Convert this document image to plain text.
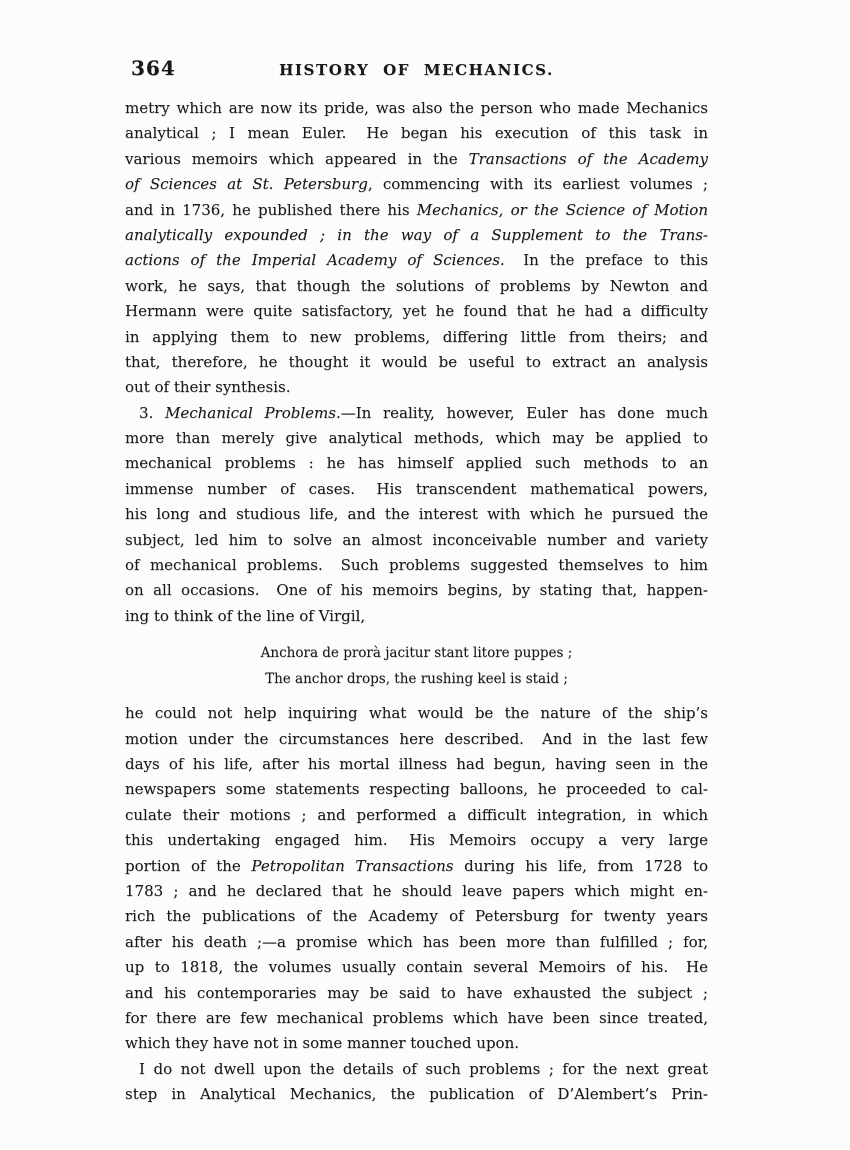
364	HISTORY OF MECHANICS.
metry which are now its pride, was also the person who made Mechanics
analytical ; I mean Euler.  He began his execution of this task in
various memoirs which appeared in the Transactions of the Academy
of Sciences at St. Petersburg, commencing with its earliest volumes ;
and in 1736, he published there his Mechanics, or the Science of Motion
analytically expounded ; in the way of a Supplement to the Trans-
actions of the Imperial Academy of Sciences.  In the preface to this
work, he says, that though the solutions of problems by Newton and
Hermann were quite satisfactory, yet he found that he had a difficulty
in applying them to new problems, differing little from theirs; and
that, therefore, he thought it would be useful to extract an analysis
out of their synthesis.
3. Mechanical Problems.—In reality, however, Euler has done much
more than merely give analytical methods, which may be applied to
mechanical problems : he has himself applied such methods to an
immense number of cases.  His transcendent mathematical powers,
his long and studious life, and the interest with which he pursued the
subject, led him to solve an almost inconceivable number and variety
of mechanical problems.  Such problems suggested themselves to him
on all occasions.  One of his memoirs begins, by stating that, happen-
ing to think of the line of Virgil,
Anchora de prorà jacitur stant litore puppes ;
The anchor drops, the rushing keel is staid ;
he could not help inquiring what would be the nature of the ship’s
motion under the circumstances here described.  And in the last few
days of his life, after his mortal illness had begun, having seen in the
newspapers some statements respecting balloons, he proceeded to cal-
culate their motions ; and performed a difficult integration, in which
this undertaking engaged him.  His Memoirs occupy a very large
portion of the Petropolitan Transactions during his life, from 1728 to
1783 ; and he declared that he should leave papers which might en-
rich the publications of the Academy of Petersburg for twenty years
after his death ;—a promise which has been more than fulfilled ; for,
up to 1818, the volumes usually contain several Memoirs of his.  He
and his contemporaries may be said to have exhausted the subject ;
for there are few mechanical problems which have been since treated,
which they have not in some manner touched upon.
I do not dwell upon the details of such problems ; for the next great
step in Analytical Mechanics, the publication of D’Alembert’s Prin-
